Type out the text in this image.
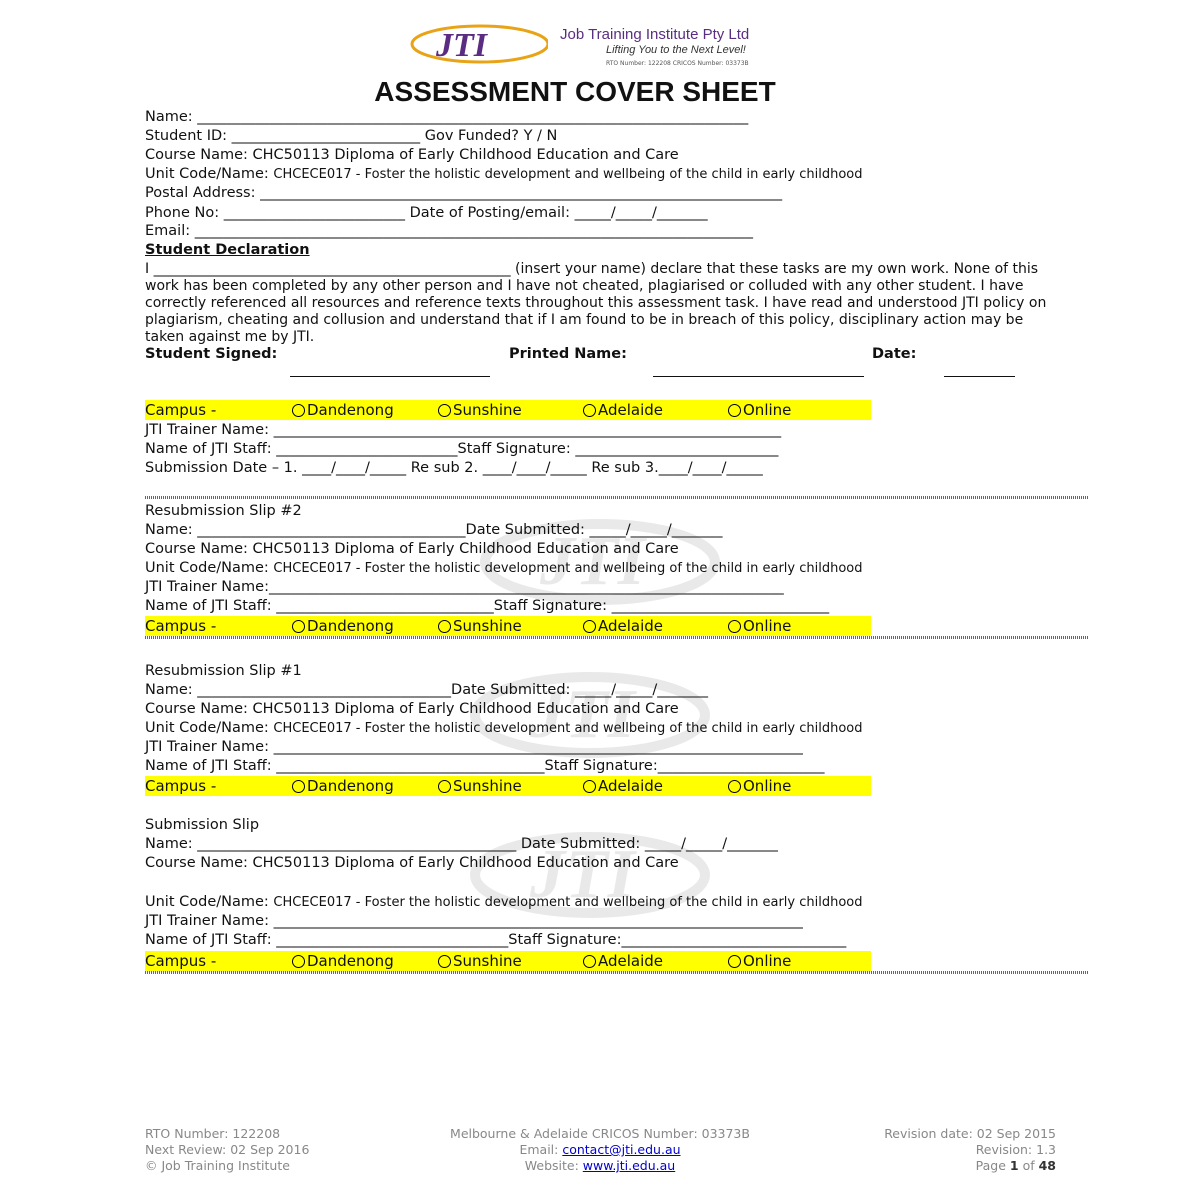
JTI	Job Training Institute Pty Ltd
Lifting You to the Next Level!
RTO Number: 122208 CRICOS Number: 03373B
ASSESSMENT COVER SHEET
Name: ____________________________________________________________________________
Student ID: __________________________ Gov Funded? Y / N
Course Name: CHC50113 Diploma of Early Childhood Education and Care
Unit Code/Name: CHCECE017 - Foster the holistic development and wellbeing of the child in early childhood
Postal Address: ________________________________________________________________________
Phone No: _________________________ Date of Posting/email: _____/_____/_______
Email: _____________________________________________________________________________
Student Declaration
I ___________________________________________________ (insert your name) declare that these tasks are my own work. None of this work has been completed by any other person and I have not cheated, plagiarised or colluded with any other student. I have correctly referenced all resources and reference texts throughout this assessment task. I have read and understood JTI policy on plagiarism, cheating and collusion and understand that if I am found to be in breach of this policy, disciplinary action may be taken against me by JTI.
Student Signed:	Printed Name:	Date:
Campus -	Dandenong	Sunshine	Adelaide	Online
JTI Trainer Name: ______________________________________________________________________
Name of JTI Staff: _________________________Staff Signature: ____________________________
Submission Date – 1. ____/____/_____ Re sub 2. ____/____/_____ Re sub 3.____/____/_____
JTI
JTI
JTI
Resubmission Slip #2
Name: _____________________________________Date Submitted: _____/_____/_______
Course Name: CHC50113 Diploma of Early Childhood Education and Care
Unit Code/Name: CHCECE017 - Foster the holistic development and wellbeing of the child in early childhood
JTI Trainer Name:_______________________________________________________________________
Name of JTI Staff: ______________________________Staff Signature: ______________________________
Campus -	Dandenong	Sunshine	Adelaide	Online
Resubmission Slip #1
Name: ___________________________________Date Submitted: _____/_____/_______
Course Name: CHC50113 Diploma of Early Childhood Education and Care
Unit Code/Name: CHCECE017 - Foster the holistic development and wellbeing of the child in early childhood
JTI Trainer Name: _________________________________________________________________________
Name of JTI Staff: _____________________________________Staff Signature:_______________________
Campus -	Dandenong	Sunshine	Adelaide	Online
Submission Slip
Name: ____________________________________________ Date Submitted: _____/_____/_______
Course Name: CHC50113 Diploma of Early Childhood Education and Care
Unit Code/Name: CHCECE017 - Foster the holistic development and wellbeing of the child in early childhood
JTI Trainer Name: _________________________________________________________________________
Name of JTI Staff: ________________________________Staff Signature:_______________________________
Campus -	Dandenong	Sunshine	Adelaide	Online
RTO Number: 122208
Next Review: 02 Sep 2016
© Job Training Institute
Melbourne & Adelaide CRICOS Number: 03373B
Email: contact@jti.edu.au
Website: www.jti.edu.au
Revision date: 02 Sep 2015
Revision: 1.3
Page 1 of 48
